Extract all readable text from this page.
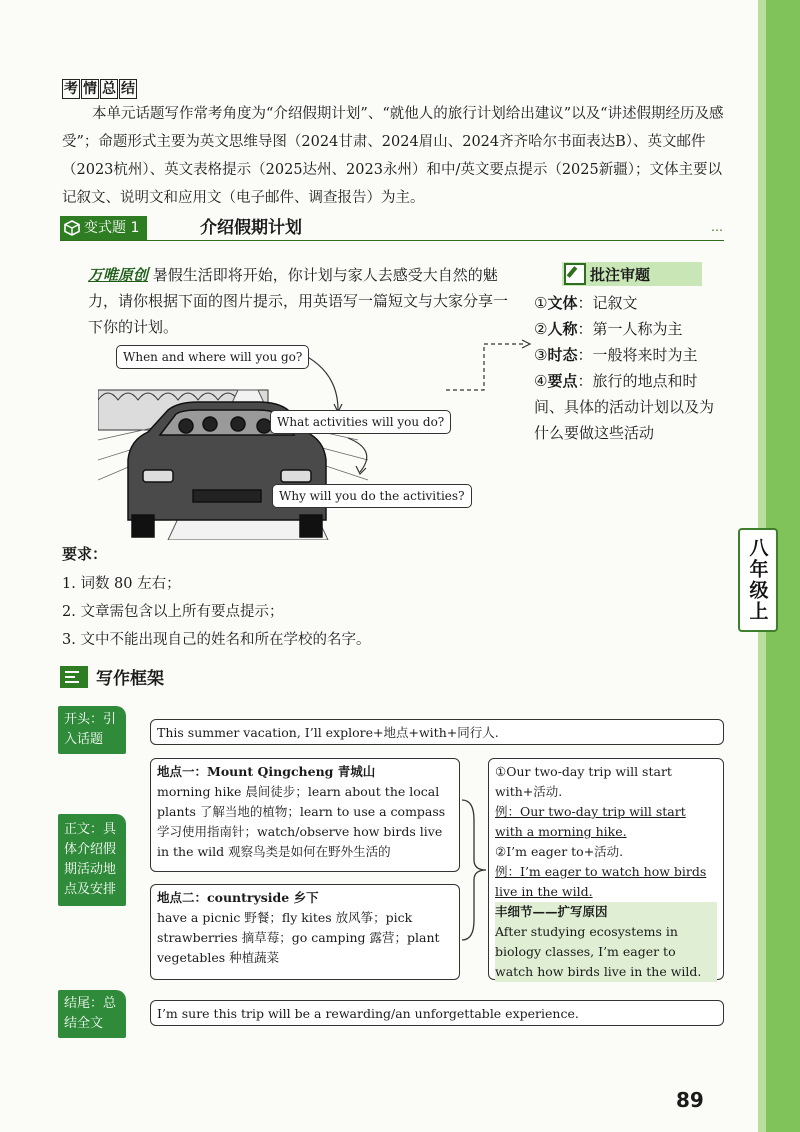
八年级上
考 情 总 结

本单元话题写作常考角度为“介绍假期计划”、“就他人的旅行计划给出建议”以及“讲述假期经历及感受”；命题形式主要为英文思维导图（2024甘肃、2024眉山、2024齐齐哈尔书面表达B）、英文邮件（2023杭州）、英文表格提示（2025达州、2023永州）和中/英文要点提示（2025新疆）；文体主要以记叙文、说明文和应用文（电子邮件、调查报告）为主。

变式题 1	介绍假期计划	…
万唯原创 暑假生活即将开始，你计划与家人去感受大自然的魅力，请你根据下面的图片提示，用英语写一篇短文与大家分享一下你的计划。
When and where will you go?
What activities will you do?
Why will you do the activities?
批注审题
①文体：记叙文
②人称：第一人称为主
③时态：一般将来时为主
④要点：旅行的地点和时间、具体的活动计划以及为什么要做这些活动
要求：
1. 词数 80 左右；
2. 文章需包含以上所有要点提示；
3. 文中不能出现自己的姓名和所在学校的名字。
写作框架
开头：引入话题	This summer vacation, I’ll explore+地点+with+同行人.
正文：具体介绍假期活动地点及安排
地点一：Mount Qingcheng 青城山
morning hike 晨间徒步；learn about the local plants 了解当地的植物；learn to use a compass学习使用指南针；watch/observe how birds live in the wild 观察鸟类是如何在野外生活的
地点二：countryside 乡下
have a picnic 野餐；fly kites 放风筝；pick strawberries 摘草莓；go camping 露营；plant vegetables 种植蔬菜
①Our two-day trip will start with+活动.
例：Our two-day trip will start with a morning hike.
②I’m eager to+活动.
例：I’m eager to watch how birds live in the wild.
丰细节——扩写原因
After studying ecosystems in biology classes, I’m eager to watch how birds live in the wild.
结尾：总结全文
I’m sure this trip will be a rewarding/an unforgettable experience.
89
